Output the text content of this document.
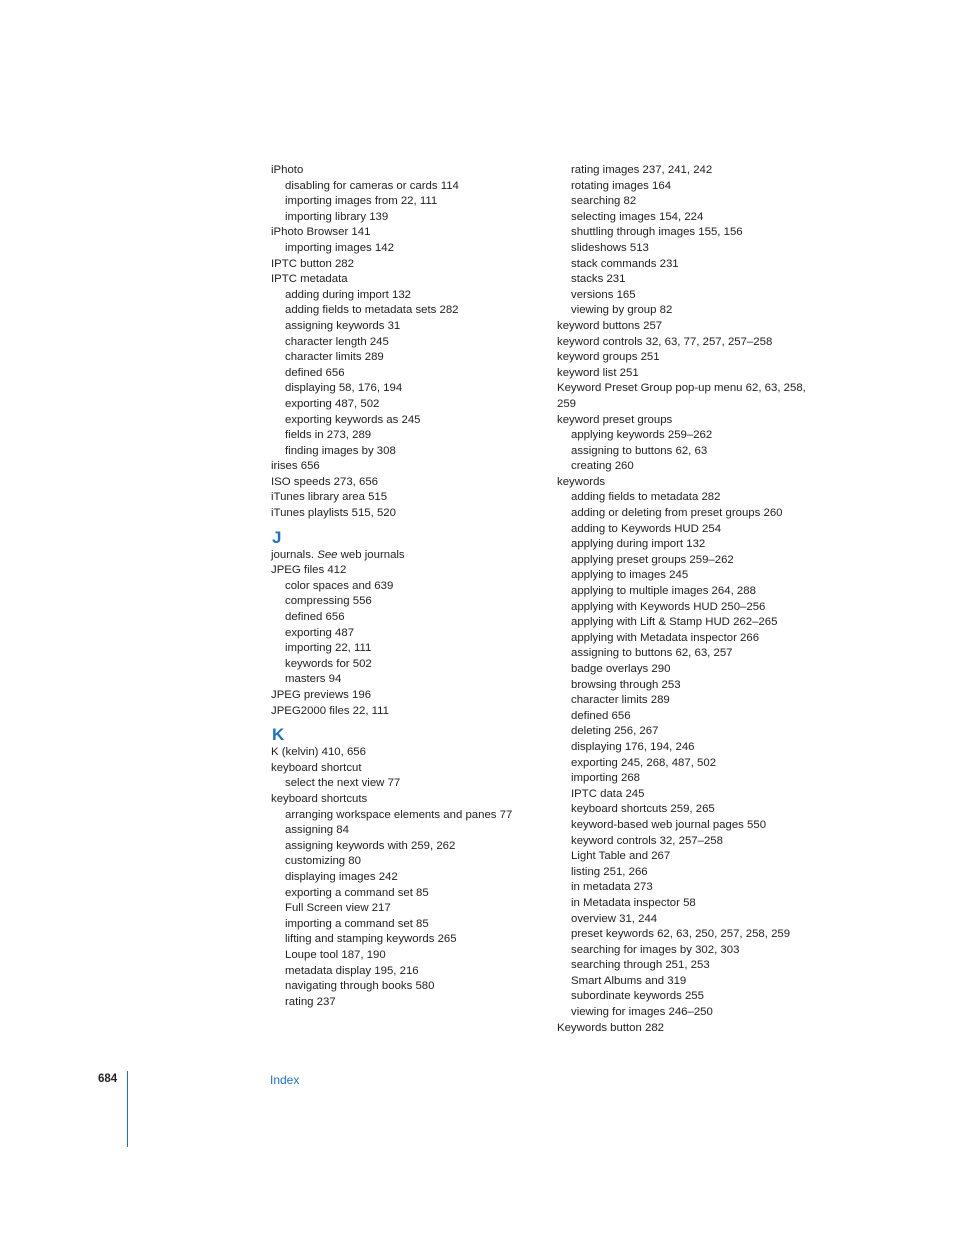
iPhoto
disabling for cameras or cards 114
importing images from 22, 111
importing library 139
iPhoto Browser 141
importing images 142
IPTC button 282
IPTC metadata
adding during import 132
adding fields to metadata sets 282
assigning keywords 31
character length 245
character limits 289
defined 656
displaying 58, 176, 194
exporting 487, 502
exporting keywords as 245
fields in 273, 289
finding images by 308
irises 656
ISO speeds 273, 656
iTunes library area 515
iTunes playlists 515, 520
J
journals. See web journals
JPEG files 412
color spaces and 639
compressing 556
defined 656
exporting 487
importing 22, 111
keywords for 502
masters 94
JPEG previews 196
JPEG2000 files 22, 111
K
K (kelvin) 410, 656
keyboard shortcut
select the next view 77
keyboard shortcuts
arranging workspace elements and panes 77
assigning 84
assigning keywords with 259, 262
customizing 80
displaying images 242
exporting a command set 85
Full Screen view 217
importing a command set 85
lifting and stamping keywords 265
Loupe tool 187, 190
metadata display 195, 216
navigating through books 580
rating 237
rating images 237, 241, 242
rotating images 164
searching 82
selecting images 154, 224
shuttling through images 155, 156
slideshows 513
stack commands 231
stacks 231
versions 165
viewing by group 82
keyword buttons 257
keyword controls 32, 63, 77, 257, 257–258
keyword groups 251
keyword list 251
Keyword Preset Group pop-up menu 62, 63, 258, 259
keyword preset groups
applying keywords 259–262
assigning to buttons 62, 63
creating 260
keywords
adding fields to metadata 282
adding or deleting from preset groups 260
adding to Keywords HUD 254
applying during import 132
applying preset groups 259–262
applying to images 245
applying to multiple images 264, 288
applying with Keywords HUD 250–256
applying with Lift & Stamp HUD 262–265
applying with Metadata inspector 266
assigning to buttons 62, 63, 257
badge overlays 290
browsing through 253
character limits 289
defined 656
deleting 256, 267
displaying 176, 194, 246
exporting 245, 268, 487, 502
importing 268
IPTC data 245
keyboard shortcuts 259, 265
keyword-based web journal pages 550
keyword controls 32, 257–258
Light Table and 267
listing 251, 266
in metadata 273
in Metadata inspector 58
overview 31, 244
preset keywords 62, 63, 250, 257, 258, 259
searching for images by 302, 303
searching through 251, 253
Smart Albums and 319
subordinate keywords 255
viewing for images 246–250
Keywords button 282
684	Index
